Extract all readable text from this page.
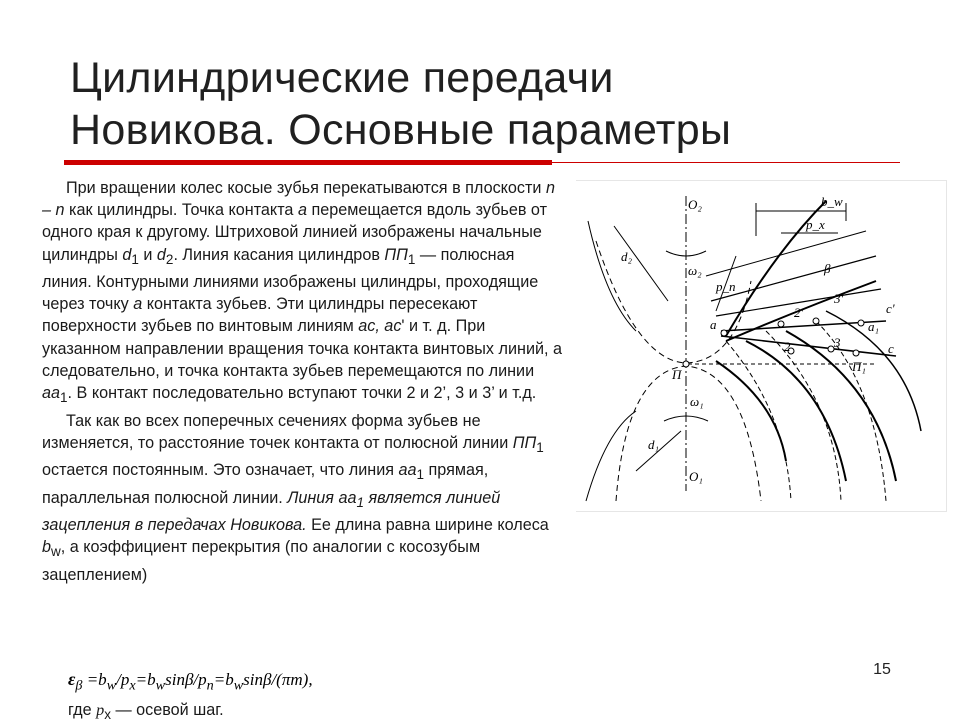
Цилиндрические передачи
Новикова. Основные параметры

При вращении колес косые зубья перекатываются в плоскости n – n как цилиндры. Точка контакта a перемещается вдоль зубьев от одного края к другому. Штриховой линией изображены начальные цилиндры $d_1$ и $d_2$. Линия касания цилиндров $ПП_1$ — полюсная линия. Контурными линиями изображены цилиндры, проходящие через точку a контакта зубьев. Эти цилиндры пересекают поверхности зубьев по винтовым линиям ac, ac' и т. д. При указанном направлении вращения точка контакта винтовых линий, а следовательно, и точка контакта зубьев перемещаются по линии $aa_1$. В контакт последовательно вступают точки 2 и 2’, 3 и 3’ и т.д.

Так как во всех поперечных сечениях форма зубьев не изменяется, то расстояние точек контакта от полюсной линии $ПП_1$ остается постоянным. Это означает, что линия $aa_1$ прямая, параллельная полюсной линии. Линия $aa_1$ является линией зацепления в передачах Новикова. Ее длина равна ширине колеса $b_w$, а коэффициент перекрытия (по аналогии с косозубым зацеплением)

$\varepsilon_\beta =b_w/p_x=b_w\sin\beta/p_n=b_w\sin\beta/(\pi m)$,
где $p_x$ — осевой шаг.
15
O₂
O₁
d₂
d₁
ω₂
ω₁
b_w
p_x
β
p_n
a	a₁
c
c'
П
П₁
2
2'
3
3'
